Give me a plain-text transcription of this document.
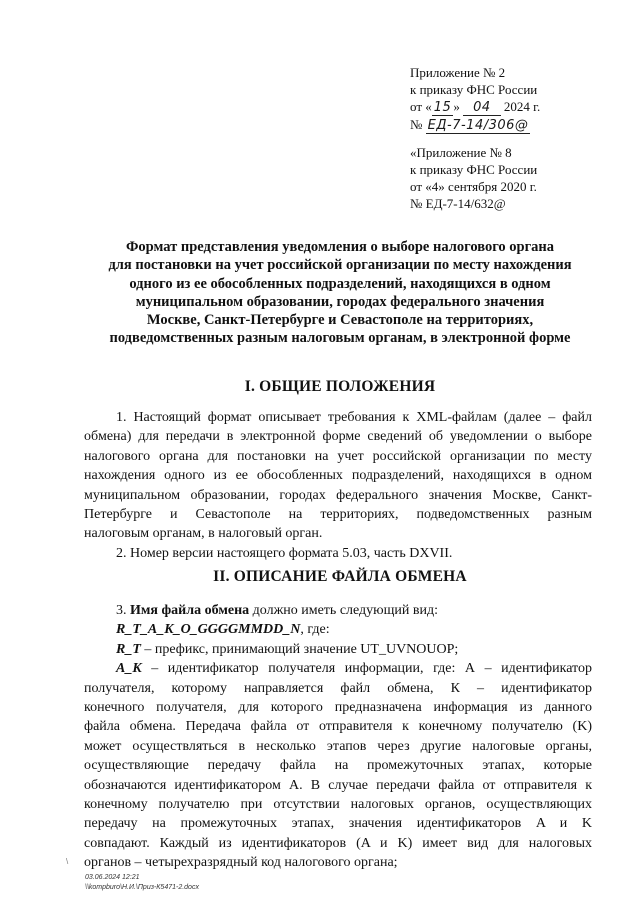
Приложение № 2
к приказу ФНС России
от « 15 » 04 2024 г.
№ ЕД-7-14/306@
«Приложение № 8
к приказу ФНС России
от «4» сентября 2020 г.
№ ЕД-7-14/632@
Формат представления уведомления о выборе налогового органа
для постановки на учет российской организации по месту нахождения
одного из ее обособленных подразделений, находящихся в одном
муниципальном образовании, городах федерального значения
Москве, Санкт-Петербурге и Севастополе на территориях,
подведомственных разным налоговым органам, в электронной форме
I. ОБЩИЕ ПОЛОЖЕНИЯ
1. Настоящий формат описывает требования к XML-файлам (далее – файл
обмена) для передачи в электронной форме сведений об уведомлении о выборе
налогового органа для постановки на учет российской организации по месту
нахождения одного из ее обособленных подразделений, находящихся в одном
муниципальном образовании, городах федерального значения Москве, Санкт-
Петербурге и Севастополе на территориях, подведомственных разным
налоговым органам, в налоговый орган.
2. Номер версии настоящего формата 5.03, часть DXVII.
II. ОПИСАНИЕ ФАЙЛА ОБМЕНА
3. Имя файла обмена должно иметь следующий вид:
R_T_A_K_O_GGGGMMDD_N, где:
R_T – префикс, принимающий значение UT_UVNOUOP;
A_K – идентификатор получателя информации, где: А – идентификатор
получателя, которому направляется файл обмена, К – идентификатор
конечного получателя, для которого предназначена информация из данного
файла обмена. Передача файла от отправителя к конечному получателю (K)
может осуществляться в несколько этапов через другие налоговые органы,
осуществляющие передачу файла на промежуточных этапах, которые
обозначаются идентификатором A. В случае передачи файла от отправителя к
конечному получателю при отсутствии налоговых органов, осуществляющих
передачу на промежуточных этапах, значения идентификаторов A и K
совпадают. Каждый из идентификаторов (A и K) имеет вид для налоговых
органов – четырехразрядный код налогового органа;
\
03.06.2024 12:21
\\kompburo\Н.И.\Приз-К5471-2.docx
